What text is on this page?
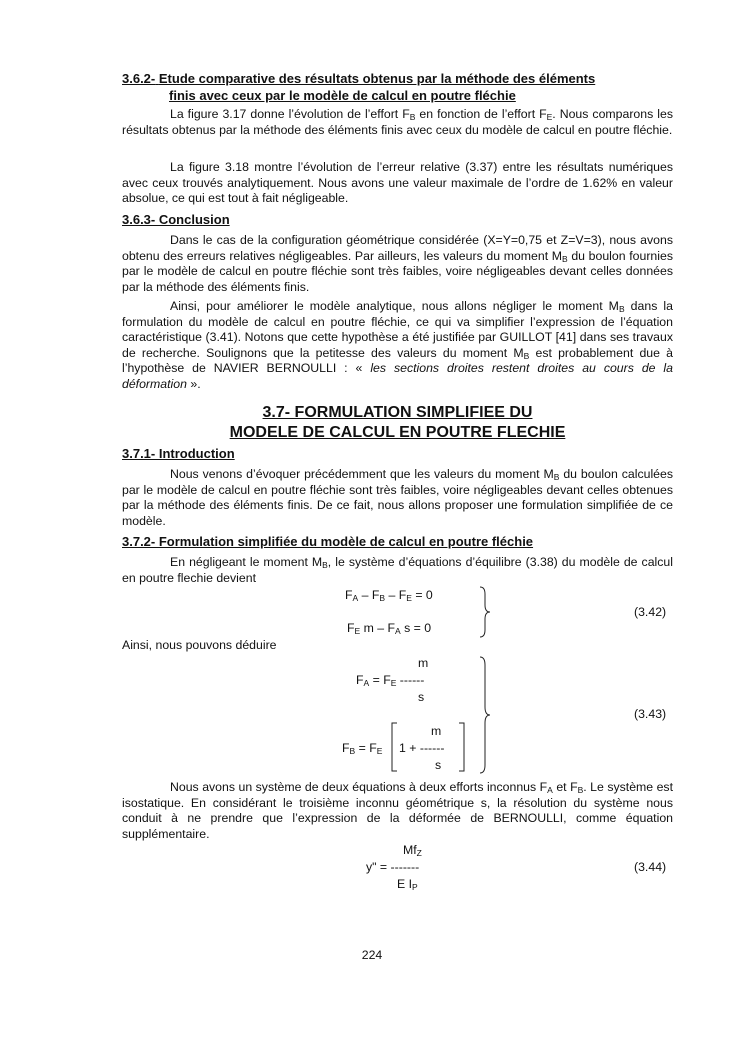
3.6.2- Etude comparative des résultats obtenus par la méthode des éléments
finis avec ceux par le modèle de calcul en poutre fléchie

La figure 3.17 donne l’évolution de l’effort $F_B$ en fonction de l’effort $F_E$. Nous comparons les résultats obtenus par la méthode des éléments finis avec ceux du modèle de calcul en poutre fléchie.

La figure 3.18 montre l’évolution de l’erreur relative (3.37) entre les résultats numériques avec ceux trouvés analytiquement. Nous avons une valeur maximale de l’ordre de 1.62% en valeur absolue, ce qui est tout à fait négligeable.

3.6.3- Conclusion

Dans le cas de la configuration géométrique considérée (X=Y=0,75 et Z=V=3), nous avons obtenu des erreurs relatives négligeables. Par ailleurs, les valeurs du moment $M_B$ du boulon fournies par le modèle de calcul en poutre fléchie sont très faibles, voire négligeables devant celles données par la méthode des éléments finis.

Ainsi, pour améliorer le modèle analytique, nous allons négliger le moment $M_B$ dans la formulation du modèle de calcul en poutre fléchie, ce qui va simplifier l’expression de l’équation caractéristique (3.41). Notons que cette hypothèse a été justifiée par GUILLOT [41] dans ses travaux de recherche. Soulignons que la petitesse des valeurs du moment $M_B$ est probablement due à l’hypothèse de NAVIER BERNOULLI : « les sections droites restent droites au cours de la déformation ».

3.7- FORMULATION SIMPLIFIEE DU
MODELE DE CALCUL EN POUTRE FLECHIE
3.7.1- Introduction

Nous venons d’évoquer précédemment que les valeurs du moment $M_B$ du boulon calculées par le modèle de calcul en poutre fléchie sont très faibles, voire négligeables devant celles obtenues par la méthode des éléments finis. De ce fait, nous allons proposer une formulation simplifiée de ce modèle.

3.7.2- Formulation simplifiée du modèle de calcul en poutre fléchie

En négligeant le moment $M_B$, le système d’équations d’équilibre (3.38) du modèle de calcul en poutre flechie devient

$F_A - F_B - F_E = 0$
$F_E$ m – $F_A$ s = 0
(3.42)
Ainsi, nous pouvons déduire
m
$F_A = F_E$ ------
s
m
$F_B = F_E$ 1 + ------
s
(3.43)

Nous avons un système de deux équations à deux efforts inconnus $F_A$ et $F_B$. Le système est isostatique. En considérant le troisième inconnu géométrique s, la résolution du système nous conduit à ne prendre que l’expression de la déformée de BERNOULLI, comme équation supplémentaire.

$Mf_Z$
y" = -------
E $I_P$
(3.44)
224
